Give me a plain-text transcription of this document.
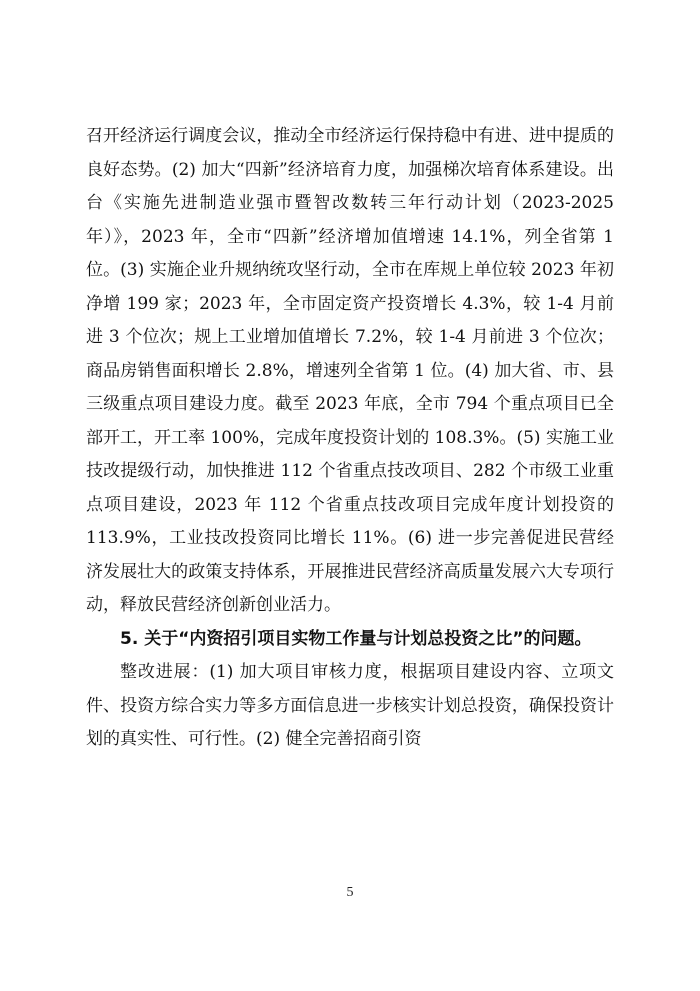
召开经济运行调度会议，推动全市经济运行保持稳中有进、进中提质的良好态势。(2) 加大“四新”经济培育力度，加强梯次培育体系建设。出台《实施先进制造业强市暨智改数转三年行动计划（2023-2025 年）》，2023 年，全市“四新”经济增加值增速 14.1%，列全省第 1 位。(3) 实施企业升规纳统攻坚行动，全市在库规上单位较 2023 年初净增 199 家；2023 年，全市固定资产投资增长 4.3%，较 1-4 月前进 3 个位次；规上工业增加值增长 7.2%，较 1-4 月前进 3 个位次；商品房销售面积增长 2.8%，增速列全省第 1 位。(4) 加大省、市、县三级重点项目建设力度。截至 2023 年底，全市 794 个重点项目已全部开工，开工率 100%，完成年度投资计划的 108.3%。(5) 实施工业技改提级行动，加快推进 112 个省重点技改项目、282 个市级工业重点项目建设，2023 年 112 个省重点技改项目完成年度计划投资的 113.9%，工业技改投资同比增长 11%。(6) 进一步完善促进民营经济发展壮大的政策支持体系，开展推进民营经济高质量发展六大专项行动，释放民营经济创新创业活力。

5. 关于“内资招引项目实物工作量与计划总投资之比”的问题。

整改进展：(1) 加大项目审核力度，根据项目建设内容、立项文件、投资方综合实力等多方面信息进一步核实计划总投资，确保投资计划的真实性、可行性。(2) 健全完善招商引资

5
